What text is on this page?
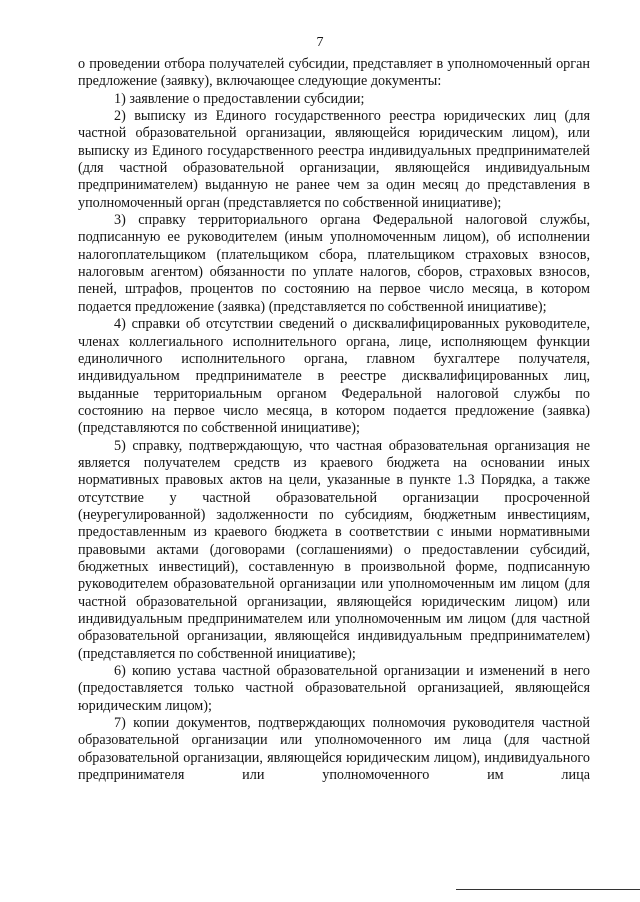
7

о проведении отбора получателей субсидии, представляет в уполномоченный орган предложение (заявку), включающее следующие документы:

1) заявление о предоставлении субсидии;

2) выписку из Единого государственного реестра юридических лиц (для частной образовательной организации, являющейся юридическим лицом), или выписку из Единого государственного реестра индивидуальных предпринимателей (для частной образовательной организации, являющейся индивидуальным предпринимателем) выданную не ранее чем за один месяц до представления в уполномоченный орган (представляется по собственной инициативе);

3) справку территориального органа Федеральной налоговой службы, подписанную ее руководителем (иным уполномоченным лицом), об исполнении налогоплательщиком (плательщиком сбора, плательщиком страховых взносов, налоговым агентом) обязанности по уплате налогов, сборов, страховых взносов, пеней, штрафов, процентов по состоянию на первое число месяца, в котором подается предложение (заявка) (представляется по собственной инициативе);

4) справки об отсутствии сведений о дисквалифицированных руководителе, членах коллегиального исполнительного органа, лице, исполняющем функции единоличного исполнительного органа, главном бухгалтере получателя, индивидуальном предпринимателе в реестре дисквалифицированных лиц, выданные территориальным органом Федеральной налоговой службы по состоянию на первое число месяца, в котором подается предложение (заявка) (представляются по собственной инициативе);

5) справку, подтверждающую, что частная образовательная организация не является получателем средств из краевого бюджета на основании иных нормативных правовых актов на цели, указанные в пункте 1.3 Порядка, а также отсутствие у частной образовательной организации просроченной (неурегулированной) задолженности по субсидиям, бюджетным инвестициям, предоставленным из краевого бюджета в соответствии с иными нормативными правовыми актами (договорами (соглашениями) о предоставлении субсидий, бюджетных инвестиций), составленную в произвольной форме, подписанную руководителем образовательной организации или уполномоченным им лицом (для частной образовательной организации, являющейся юридическим лицом) или индивидуальным предпринимателем или уполномоченным им лицом (для частной образовательной организации, являющейся индивидуальным предпринимателем) (представляется по собственной инициативе);

6) копию устава частной образовательной организации и изменений в него (предоставляется только частной образовательной организацией, являющейся юридическим лицом);

7) копии документов, подтверждающих полномочия руководителя частной образовательной организации или уполномоченного им лица (для частной образовательной организации, являющейся юридическим лицом), индивидуального предпринимателя или уполномоченного им лица
